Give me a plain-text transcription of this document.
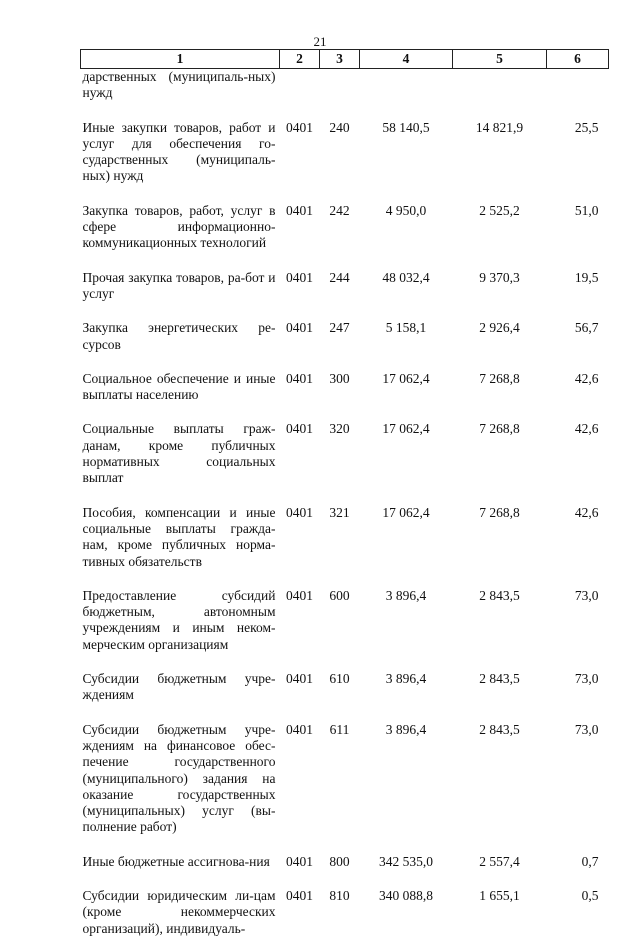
21
1	2	3	4	5	6
дарственных (муниципаль-ных) нужд					
Иные закупки товаров, работ и услуг для обеспечения го-сударственных (муниципаль-ных) нужд	0401	240	58 140,5	14 821,9	25,5
Закупка товаров, работ, услуг в сфере информационно-коммуникационных технологий	0401	242	4 950,0	2 525,2	51,0
Прочая закупка товаров, ра-бот и услуг	0401	244	48 032,4	9 370,3	19,5
Закупка энергетических ре-сурсов	0401	247	5 158,1	2 926,4	56,7
Социальное обеспечение и иные выплаты населению	0401	300	17 062,4	7 268,8	42,6
Социальные выплаты граж-данам, кроме публичных нормативных социальных выплат	0401	320	17 062,4	7 268,8	42,6
Пособия, компенсации и иные социальные выплаты гражда-нам, кроме публичных норма-тивных обязательств	0401	321	17 062,4	7 268,8	42,6
Предоставление субсидий бюджетным, автономным учреждениям и иным неком-мерческим организациям	0401	600	3 896,4	2 843,5	73,0
Субсидии бюджетным учре-ждениям	0401	610	3 896,4	2 843,5	73,0
Субсидии бюджетным учре-ждениям на финансовое обес-печение государственного (муниципального) задания на оказание государственных (муниципальных) услуг (вы-полнение работ)	0401	611	3 896,4	2 843,5	73,0
Иные бюджетные ассигнова-ния	0401	800	342 535,0	2 557,4	0,7
Субсидии юридическим ли-цам (кроме некоммерческих организаций), индивидуаль-	0401	810	340 088,8	1 655,1	0,5
